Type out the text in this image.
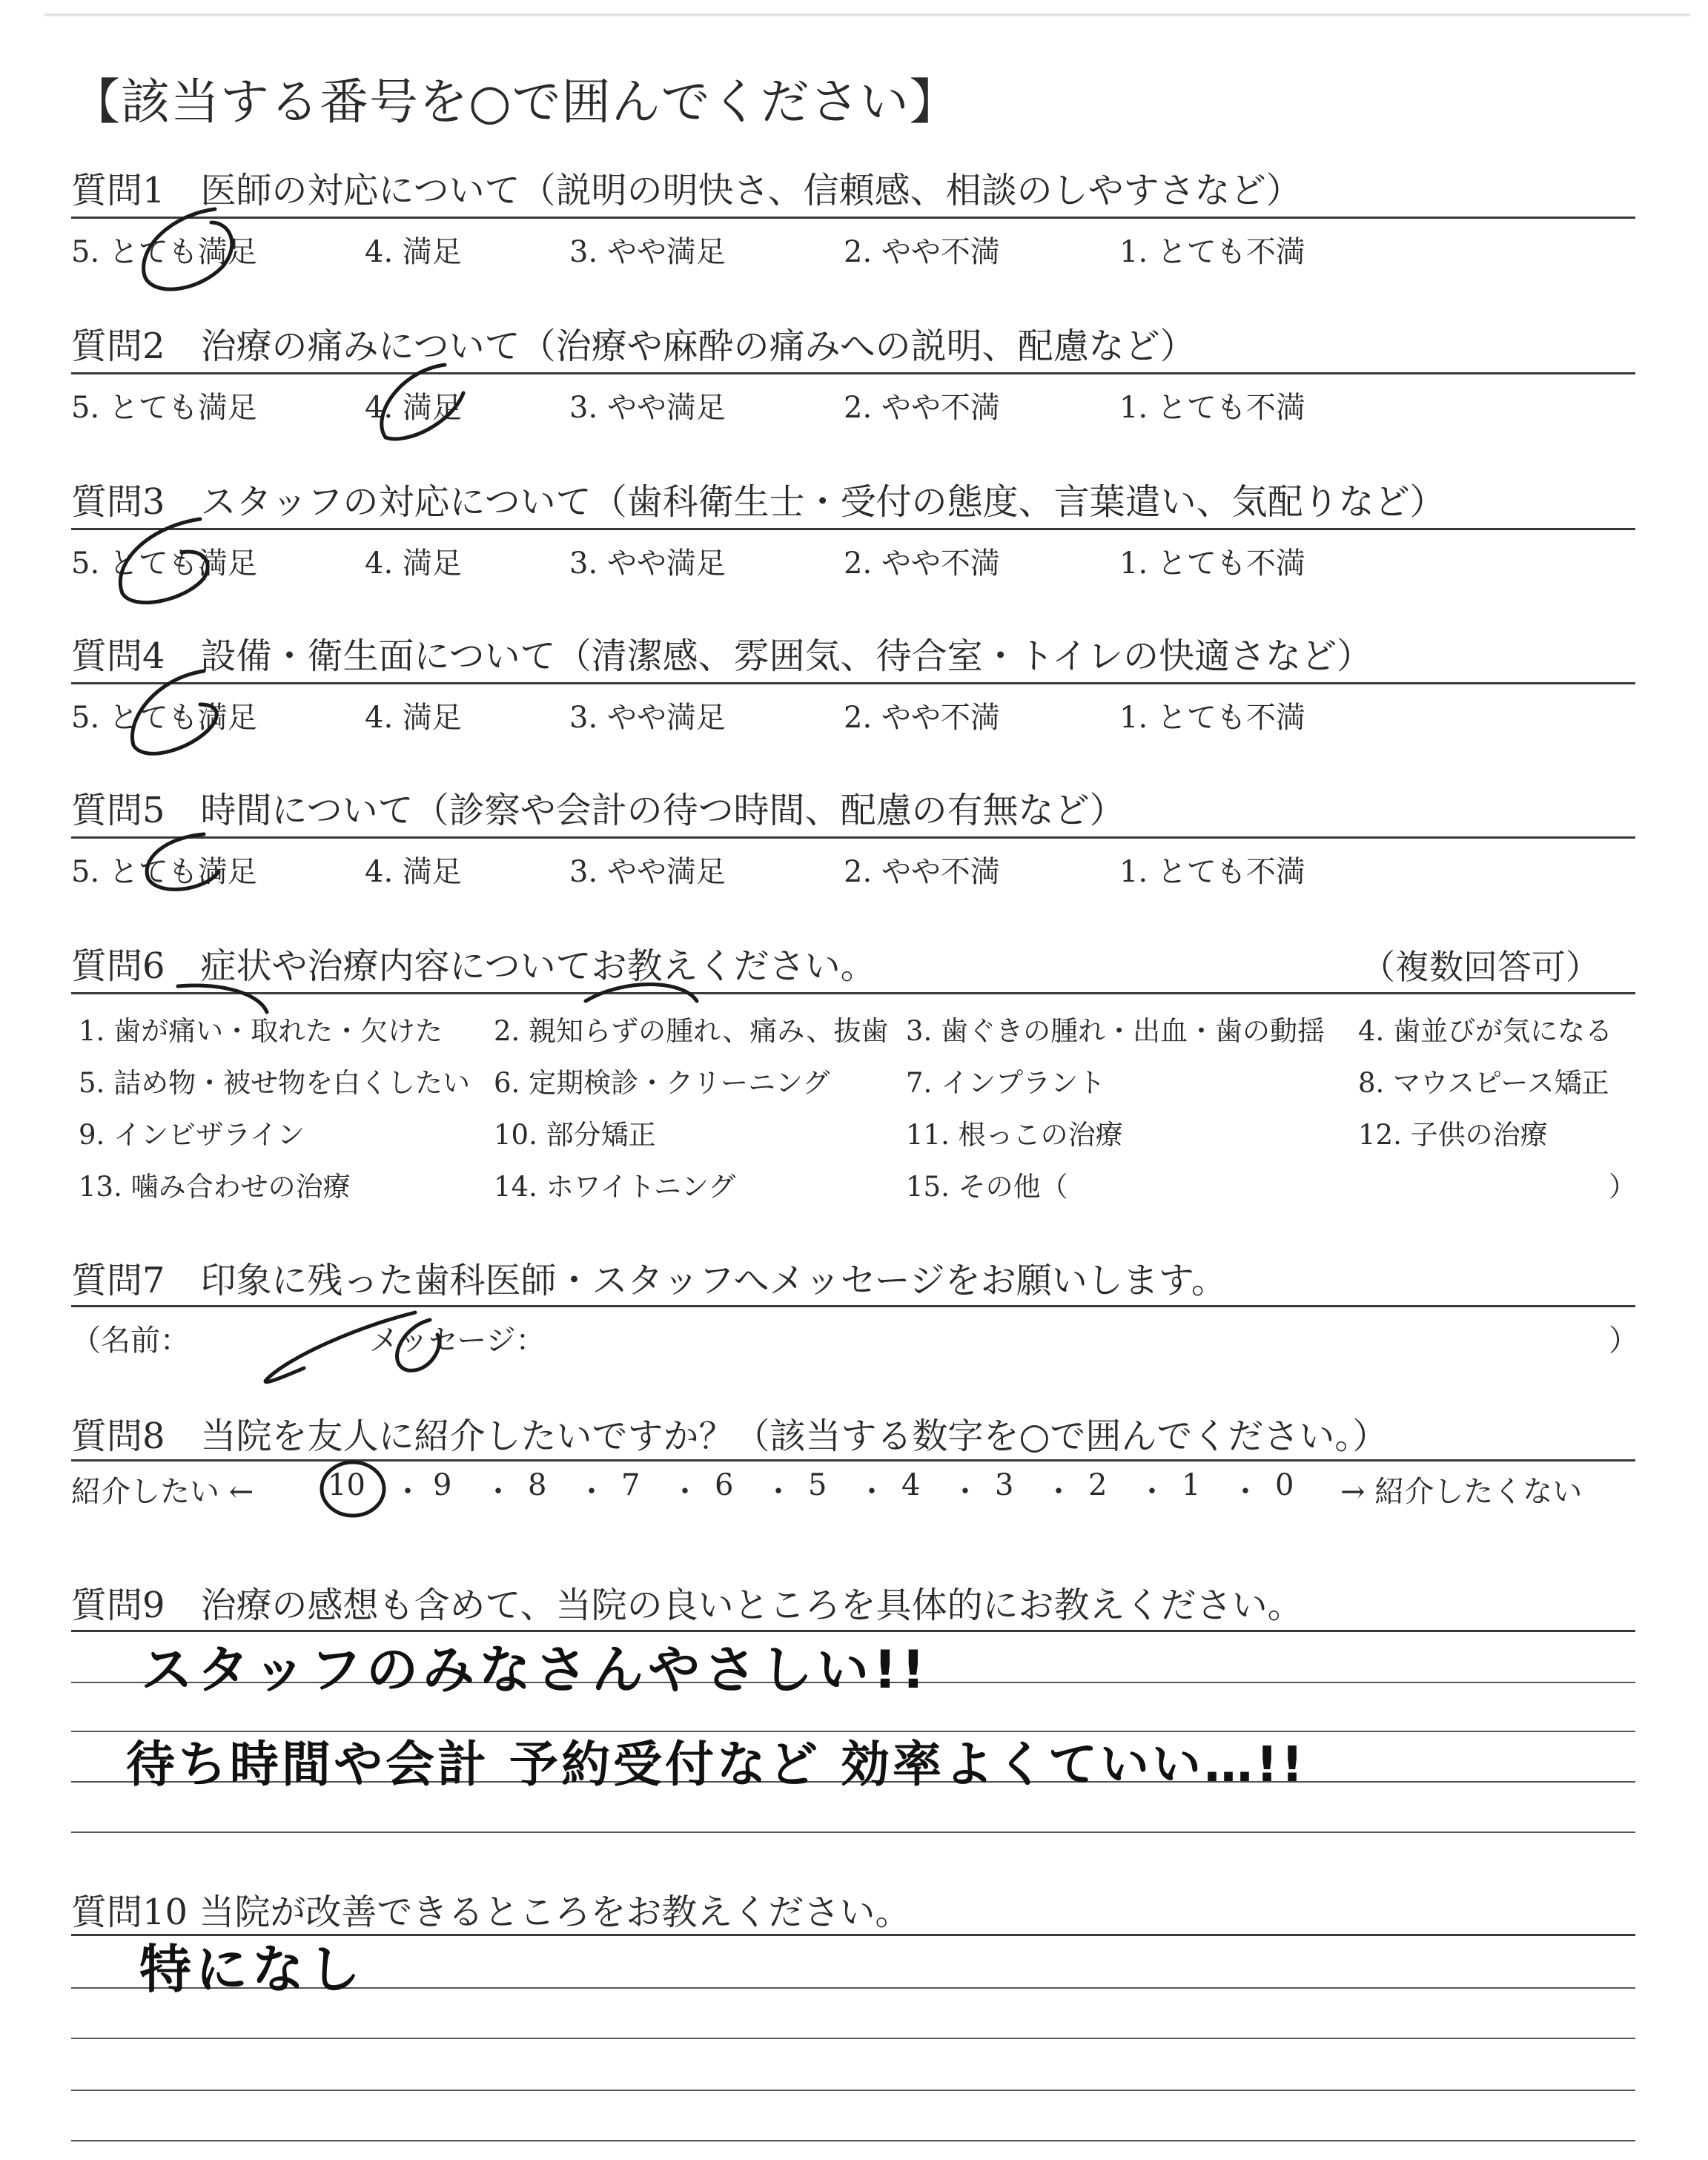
【該当する番号を○で囲んでください】
質問1　医師の対応について（説明の明快さ、信頼感、相談のしやすさなど）
5. とても満足	4. 満足	3. やや満足	2. やや不満	1. とても不満
質問2　治療の痛みについて（治療や麻酔の痛みへの説明、配慮など）
5. とても満足	4. 満足	3. やや満足	2. やや不満	1. とても不満
質問3　スタッフの対応について（歯科衛生士・受付の態度、言葉遣い、気配りなど）
5. とても満足	4. 満足	3. やや満足	2. やや不満	1. とても不満
質問4　設備・衛生面について（清潔感、雰囲気、待合室・トイレの快適さなど）
5. とても満足	4. 満足	3. やや満足	2. やや不満	1. とても不満
質問5　時間について（診察や会計の待つ時間、配慮の有無など）
5. とても満足	4. 満足	3. やや満足	2. やや不満	1. とても不満
質問6　症状や治療内容についてお教えください。	（複数回答可）
1. 歯が痛い・取れた・欠けた 2. 親知らずの腫れ、痛み、抜歯 3. 歯ぐきの腫れ・出血・歯の動揺 4. 歯並びが気になる
5. 詰め物・被せ物を白くしたい 6. 定期検診・クリーニング	7. インプラント	8. マウスピース矯正
9. インビザライン	10. 部分矯正	11. 根っこの治療	12. 子供の治療
13. 噛み合わせの治療	14. ホワイトニング	15. その他（	）
質問7　印象に残った歯科医師・スタッフへメッセージをお願いします。
（名前：	メッセージ：	）
質問8　当院を友人に紹介したいですか？（該当する数字を○で囲んでください。）
紹介したい ← 10 ・ 9 ・ 8 ・ 7 ・ 6 ・ 5 ・ 4 ・ 3 ・ 2 ・ 1 ・ 0 → 紹介したくない
質問9　治療の感想も含めて、当院の良いところを具体的にお教えください。
スタッフのみなさんやさしい!!
待ち時間や会計 予約受付など 効率よくていい…!!
質問10 当院が改善できるところをお教えください。
特になし
